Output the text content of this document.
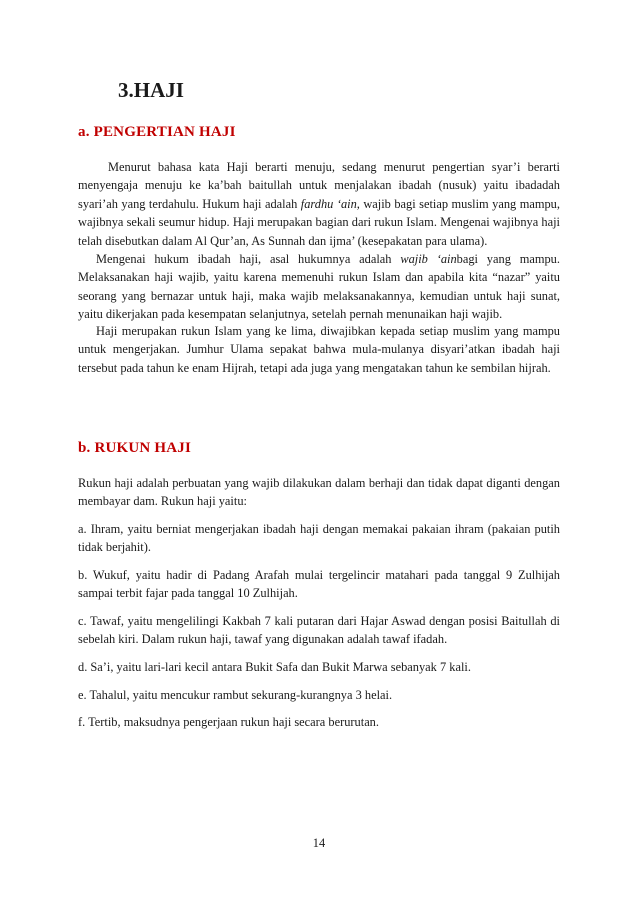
3.HAJI
a. PENGERTIAN HAJI

Menurut bahasa kata Haji berarti menuju, sedang menurut pengertian syar’i berarti menyengaja menuju ke ka’bah baitullah untuk menjalakan ibadah (nusuk) yaitu ibadadah syari’ah yang terdahulu. Hukum haji adalah fardhu ‘ain, wajib bagi setiap muslim yang mampu, wajibnya sekali seumur hidup. Haji merupakan bagian dari rukun Islam. Mengenai wajibnya haji telah disebutkan dalam Al Qur’an, As Sunnah dan ijma’ (kesepakatan para ulama).

Mengenai hukum ibadah haji, asal hukumnya adalah wajib ‘ainbagi yang mampu. Melaksanakan haji wajib, yaitu karena memenuhi rukun Islam dan apabila kita “nazar” yaitu seorang yang bernazar untuk haji, maka wajib melaksanakannya, kemudian untuk haji sunat, yaitu dikerjakan pada kesempatan selanjutnya, setelah pernah menunaikan haji wajib.

Haji merupakan rukun Islam yang ke lima, diwajibkan kepada setiap muslim yang mampu untuk mengerjakan. Jumhur Ulama sepakat bahwa mula-mulanya disyari’atkan ibadah haji tersebut pada tahun ke enam Hijrah, tetapi ada juga yang mengatakan tahun ke sembilan hijrah.

b. RUKUN HAJI

Rukun haji adalah perbuatan yang wajib dilakukan dalam berhaji dan tidak dapat diganti dengan membayar dam. Rukun haji yaitu:

a. Ihram, yaitu berniat mengerjakan ibadah haji dengan memakai pakaian ihram (pakaian putih tidak berjahit).

b. Wukuf, yaitu hadir di Padang Arafah mulai tergelincir matahari pada tanggal 9 Zulhijah sampai terbit fajar pada tanggal 10 Zulhijah.

c. Tawaf, yaitu mengelilingi Kakbah 7 kali putaran dari Hajar Aswad dengan posisi Baitullah di sebelah kiri. Dalam rukun haji, tawaf yang digunakan adalah tawaf ifadah.

d. Sa’i, yaitu lari-lari kecil antara Bukit Safa dan Bukit Marwa sebanyak 7 kali.

e. Tahalul, yaitu mencukur rambut sekurang-kurangnya 3 helai.

f. Tertib, maksudnya pengerjaan rukun haji secara berurutan.

14
